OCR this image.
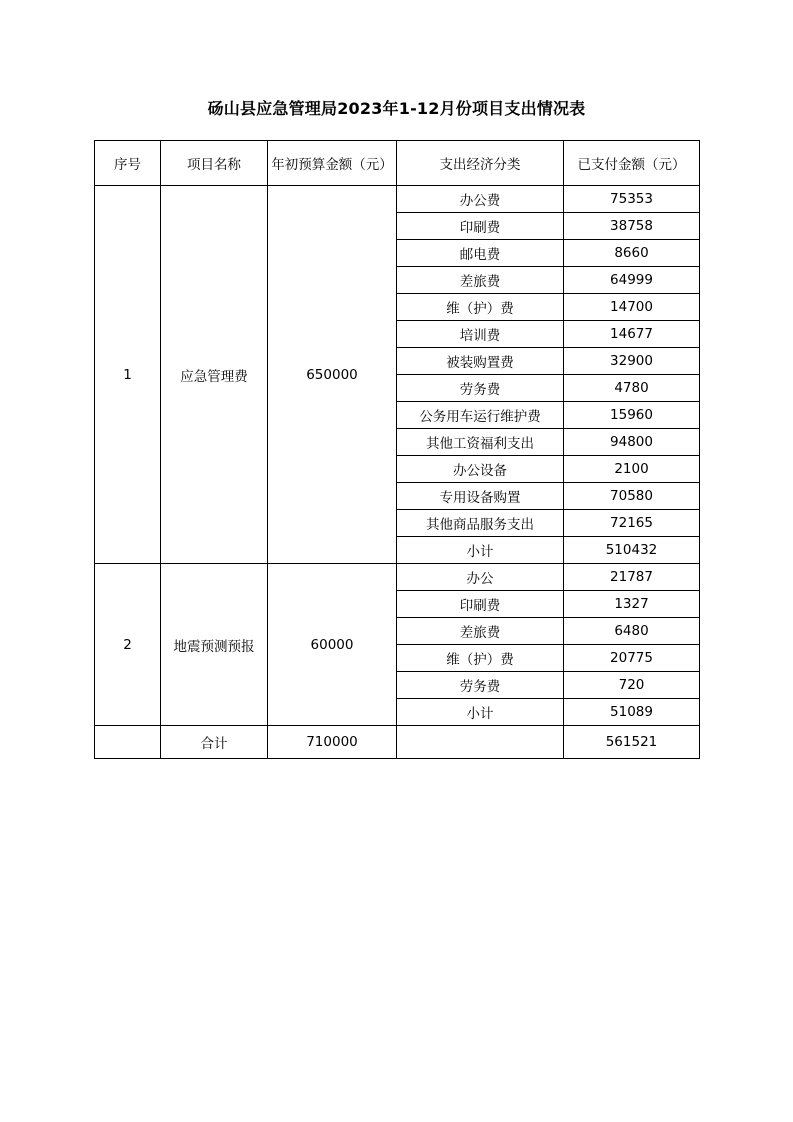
砀山县应急管理局2023年1-12月份项目支出情况表
序号	项目名称	年初预算金额（元）	支出经济分类	已支付金额（元）
1	应急管理费	650000	办公费	75353
			印刷费	38758
			邮电费	8660
			差旅费	64999
			维（护）费	14700
			培训费	14677
			被装购置费	32900
			劳务费	4780
			公务用车运行维护费	15960
			其他工资福利支出	94800
			办公设备	2100
			专用设备购置	70580
			其他商品服务支出	72165
			小计	510432
2	地震预测预报	60000	办公	21787
			印刷费	1327
			差旅费	6480
			维（护）费	20775
			劳务费	720
			小计	51089
	合计	710000		561521
